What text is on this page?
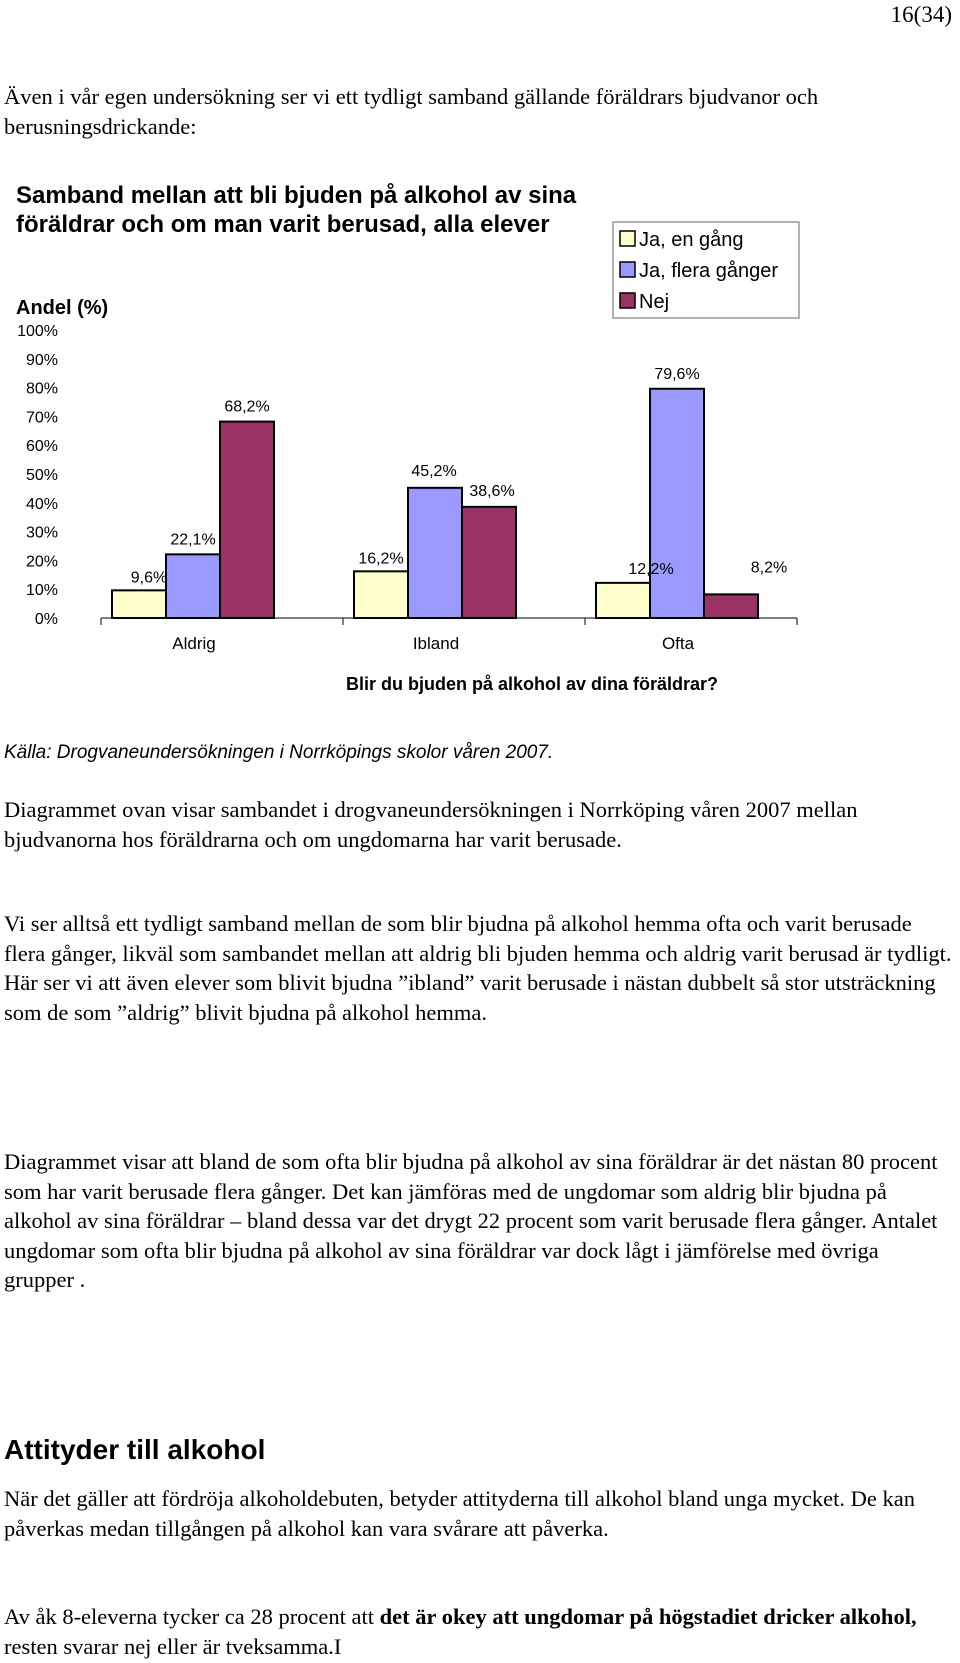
16(34)

Även i vår egen undersökning ser vi ett tydligt samband gällande föräldrars bjudvanor och berusningsdrickande:

0%
10%
20%
30%
40%
50%
60%
70%
80%
90%
100%
9,6%
22,1%
68,2%
16,2%
45,2%
38,6%
12,2%
79,6%
8,2%
Aldrig	Ibland	Ofta
Andel (%)
Blir du bjuden på alkohol av dina föräldrar?
Ja, en gång
Ja, flera gånger
Nej
Samband mellan att bli bjuden på alkohol av sina föräldrar och om man varit berusad, alla elever
Källa: Drogvaneundersökningen i Norrköpings skolor våren 2007.

Diagrammet ovan visar sambandet i drogvaneundersökningen i Norrköping våren 2007 mellan bjudvanorna hos föräldrarna och om ungdomarna har varit berusade.

Vi ser alltså ett tydligt samband mellan de som blir bjudna på alkohol hemma ofta och varit berusade flera gånger, likväl som sambandet mellan att aldrig bli bjuden hemma och aldrig varit berusad är tydligt. Här ser vi att även elever som blivit bjudna ”ibland” varit berusade i nästan dubbelt så stor utsträckning som de som ”aldrig” blivit bjudna på alkohol hemma.

Diagrammet visar att bland de som ofta blir bjudna på alkohol av sina föräldrar är det nästan 80 procent som har varit berusade flera gånger. Det kan jämföras med de ungdomar som aldrig blir bjudna på alkohol av sina föräldrar – bland dessa var det drygt 22 procent som varit berusade flera gånger. Antalet ungdomar som ofta blir bjudna på alkohol av sina föräldrar var dock lågt i jämförelse med övriga grupper .

Attityder till alkohol

När det gäller att fördröja alkoholdebuten, betyder attityderna till alkohol bland unga mycket. De kan påverkas medan tillgången på alkohol kan vara svårare att påverka.

Av åk 8-eleverna tycker ca 28 procent att det är okey att ungdomar på högstadiet dricker alkohol, resten svarar nej eller är tveksamma.I
